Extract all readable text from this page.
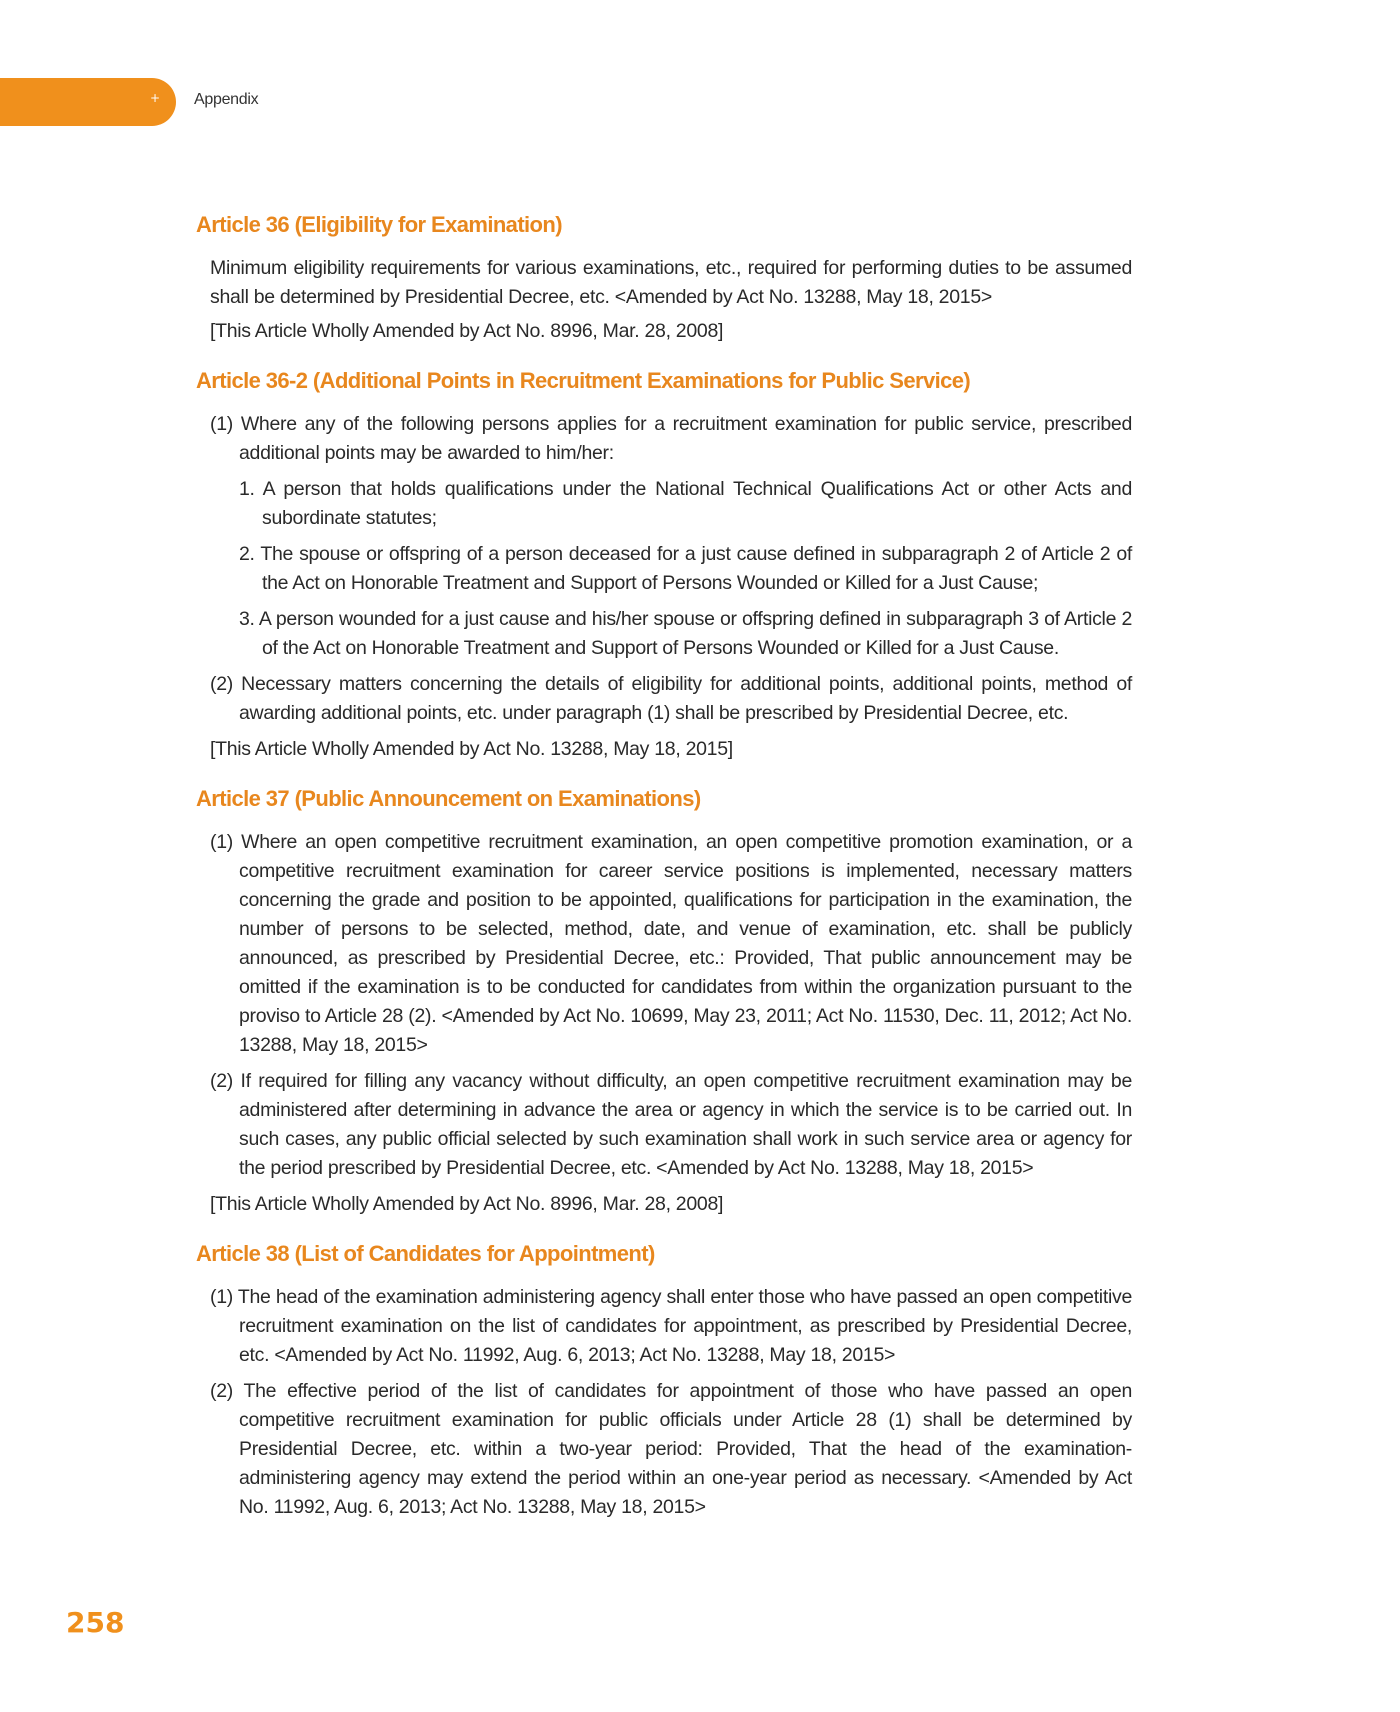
+ Appendix
Article 36 (Eligibility for Examination)

Minimum eligibility requirements for various examinations, etc., required for performing duties to be assumed shall be determined by Presidential Decree, etc. <Amended by Act No. 13288, May 18, 2015>

[This Article Wholly Amended by Act No. 8996, Mar. 28, 2008]

Article 36-2 (Additional Points in Recruitment Examinations for Public Service)

(1) Where any of the following persons applies for a recruitment examination for public service, prescribed additional points may be awarded to him/her:

1. A person that holds qualifications under the National Technical Qualifications Act or other Acts and subordinate statutes;

2. The spouse or offspring of a person deceased for a just cause defined in subparagraph 2 of Article 2 of the Act on Honorable Treatment and Support of Persons Wounded or Killed for a Just Cause;

3. A person wounded for a just cause and his/her spouse or offspring defined in subparagraph 3 of Article 2 of the Act on Honorable Treatment and Support of Persons Wounded or Killed for a Just Cause.

(2) Necessary matters concerning the details of eligibility for additional points, additional points, method of awarding additional points, etc. under paragraph (1) shall be prescribed by Presidential Decree, etc.

[This Article Wholly Amended by Act No. 13288, May 18, 2015]

Article 37 (Public Announcement on Examinations)

(1) Where an open competitive recruitment examination, an open competitive promotion examination, or a competitive recruitment examination for career service positions is implemented, necessary matters concerning the grade and position to be appointed, qualifications for participation in the examination, the number of persons to be selected, method, date, and venue of examination, etc. shall be publicly announced, as prescribed by Presidential Decree, etc.: Provided, That public announcement may be omitted if the examination is to be conducted for candidates from within the organization pursuant to the proviso to Article 28 (2). <Amended by Act No. 10699, May 23, 2011; Act No. 11530, Dec. 11, 2012; Act No. 13288, May 18, 2015>

(2) If required for filling any vacancy without difficulty, an open competitive recruitment examination may be administered after determining in advance the area or agency in which the service is to be carried out. In such cases, any public official selected by such examination shall work in such service area or agency for the period prescribed by Presidential Decree, etc. <Amended by Act No. 13288, May 18, 2015>

[This Article Wholly Amended by Act No. 8996, Mar. 28, 2008]

Article 38 (List of Candidates for Appointment)

(1) The head of the examination administering agency shall enter those who have passed an open competitive recruitment examination on the list of candidates for appointment, as prescribed by Presidential Decree, etc. <Amended by Act No. 11992, Aug. 6, 2013; Act No. 13288, May 18, 2015>

(2) The effective period of the list of candidates for appointment of those who have passed an open competitive recruitment examination for public officials under Article 28 (1) shall be determined by Presidential Decree, etc. within a two-year period: Provided, That the head of the examination-administering agency may extend the period within an one-year period as necessary. <Amended by Act No. 11992, Aug. 6, 2013; Act No. 13288, May 18, 2015>

258
